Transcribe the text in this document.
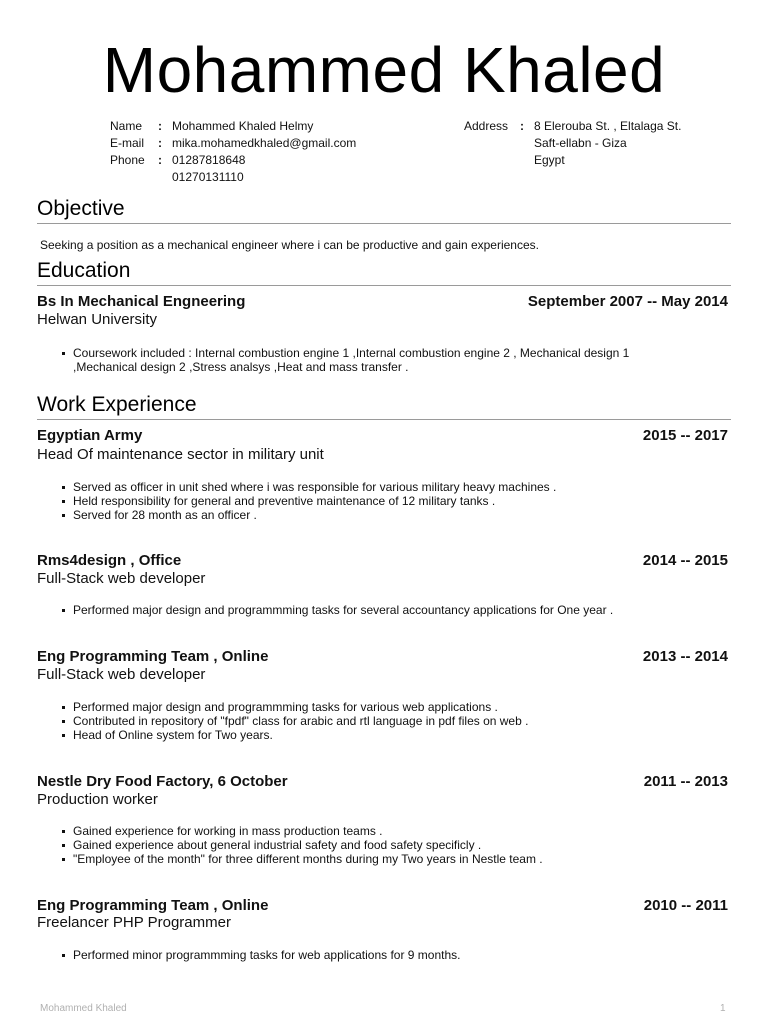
Mohammed Khaled
Name	: Mohammed Khaled Helmy
E-mail	: mika.mohamedkhaled@gmail.com
Phone	: 01287818648
01270131110
Address : 8 Elerouba St. , Eltalaga St.
Saft-ellabn - Giza
Egypt
Objective
Seeking a position as a mechanical engineer where i can be productive and gain experiences.
Education
Bs In Mechanical Engneering	September 2007 -- May 2014
Helwan University
Coursework included : Internal combustion engine 1 ,Internal combustion engine 2 , Mechanical design 1
,Mechanical design 2 ,Stress analsys ,Heat and mass transfer .
Work Experience
Egyptian Army	2015 -- 2017
Head Of maintenance sector in military unit
Served as officer in unit shed where i was responsible for various military heavy machines .
Held responsibility for general and preventive maintenance of 12 military tanks .
Served for 28 month as an officer .
Rms4design , Office	2014 -- 2015
Full-Stack web developer
Performed major design and programmming tasks for several accountancy applications for One year .
Eng Programming Team , Online	2013 -- 2014
Full-Stack web developer
Performed major design and programmming tasks for various web applications .
Contributed in repository of "fpdf" class for arabic and rtl language in pdf files on web .
Head of Online system for Two years.
Nestle Dry Food Factory, 6 October	2011 -- 2013
Production worker
Gained experience for working in mass production teams .
Gained experience about general industrial safety and food safety specificly .
"Employee of the month" for three different months during my Two years in Nestle team .
Eng Programming Team , Online	2010 -- 2011
Freelancer PHP Programmer
Performed minor programmming tasks for web applications for 9 months.
Mohammed Khaled	1
